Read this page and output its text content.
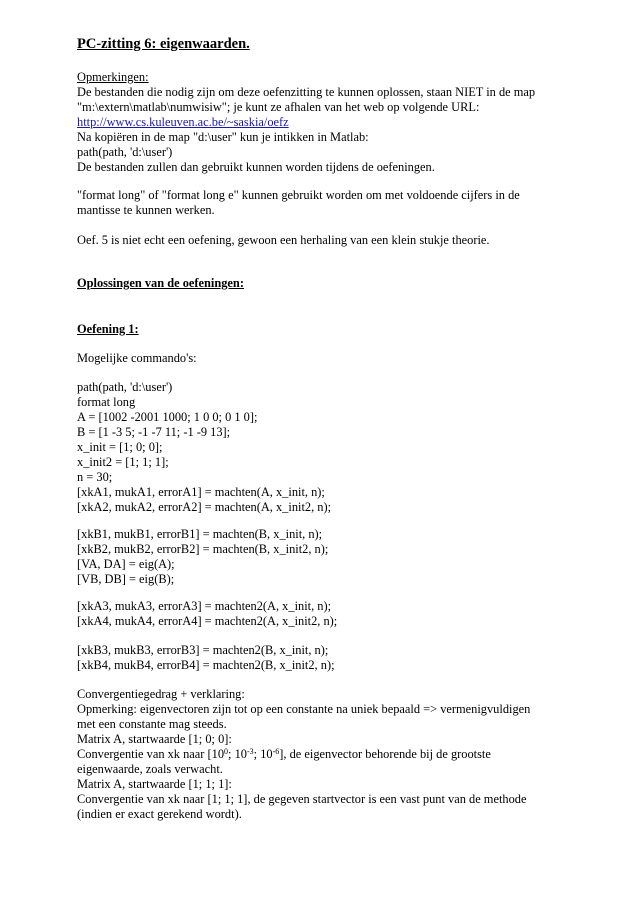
PC-zitting 6: eigenwaarden.
Opmerkingen:
De bestanden die nodig zijn om deze oefenzitting te kunnen oplossen, staan NIET in de map
"m:\extern\matlab\numwisiw"; je kunt ze afhalen van het web op volgende URL:
http://www.cs.kuleuven.ac.be/~saskia/oefz
Na kopiëren in de map "d:\user" kun je intikken in Matlab:
path(path, 'd:\user')
De bestanden zullen dan gebruikt kunnen worden tijdens de oefeningen.
"format long" of "format long e" kunnen gebruikt worden om met voldoende cijfers in de
mantisse te kunnen werken.
Oef. 5 is niet echt een oefening, gewoon een herhaling van een klein stukje theorie.
Oplossingen van de oefeningen:
Oefening 1:
Mogelijke commando's:
path(path, 'd:\user')
format long
A = [1002 -2001 1000; 1 0 0; 0 1 0];
B = [1 -3 5; -1 -7 11; -1 -9 13];
x_init = [1; 0; 0];
x_init2 = [1; 1; 1];
n = 30;
[xkA1, mukA1, errorA1] = machten(A, x_init, n);
[xkA2, mukA2, errorA2] = machten(A, x_init2, n);
[xkB1, mukB1, errorB1] = machten(B, x_init, n);
[xkB2, mukB2, errorB2] = machten(B, x_init2, n);
[VA, DA] = eig(A);
[VB, DB] = eig(B);
[xkA3, mukA3, errorA3] = machten2(A, x_init, n);
[xkA4, mukA4, errorA4] = machten2(A, x_init2, n);
[xkB3, mukB3, errorB3] = machten2(B, x_init, n);
[xkB4, mukB4, errorB4] = machten2(B, x_init2, n);
Convergentiegedrag + verklaring:
Opmerking: eigenvectoren zijn tot op een constante na uniek bepaald => vermenigvuldigen
met een constante mag steeds.
Matrix A, startwaarde [1; 0; 0]:
Convergentie van xk naar [$10^0$; $10^{-3}$; $10^{-6}$], de eigenvector behorende bij de grootste
eigenwaarde, zoals verwacht.
Matrix A, startwaarde [1; 1; 1]:
Convergentie van xk naar [1; 1; 1], de gegeven startvector is een vast punt van de methode
(indien er exact gerekend wordt).
